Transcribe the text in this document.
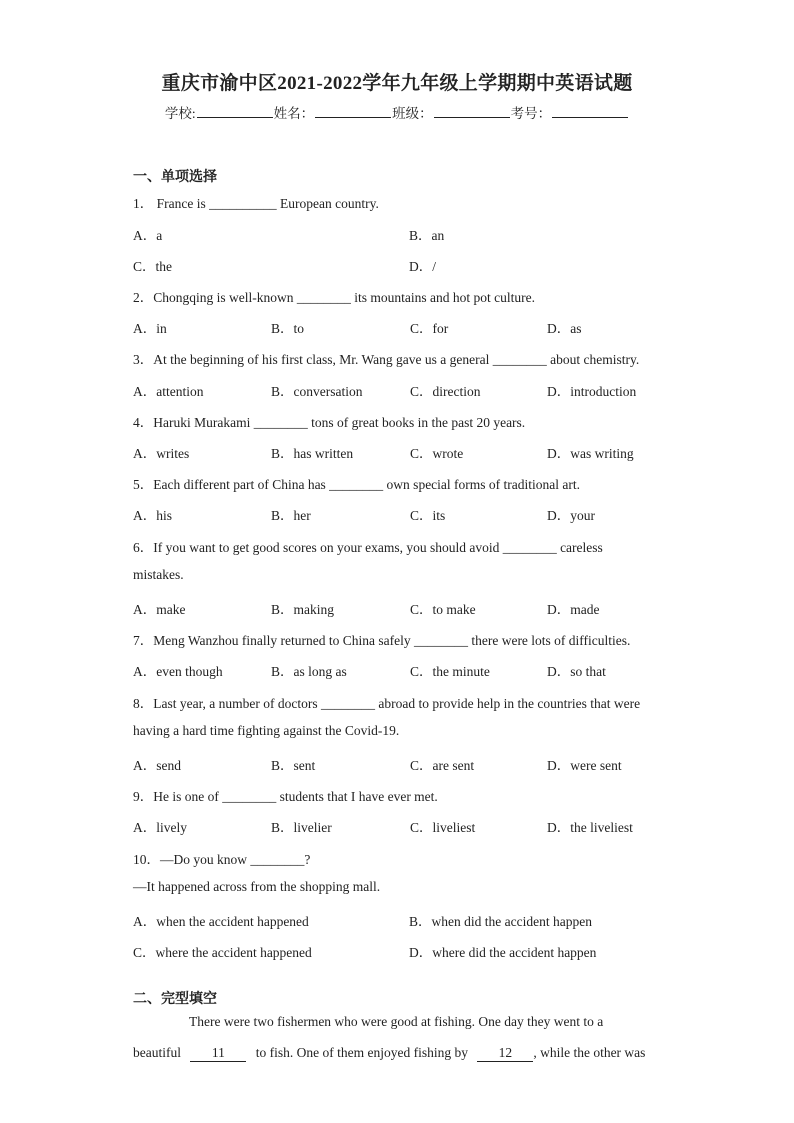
重庆市渝中区2021-2022学年九年级上学期期中英语试题
学校:	姓名：	班级：	考号：
一、单项选择
1． France is __________ European country.
A．a	B．an
C．the	D．/
2．Chongqing is well-known ________ its mountains and hot pot culture.
A．in	B．to	C．for	D．as
3．At the beginning of his first class, Mr. Wang gave us a general ________ about chemistry.
A．attention	B．conversation	C．direction	D．introduction
4．Haruki Murakami ________ tons of great books in the past 20 years.
A．writes	B．has written	C．wrote	D．was writing
5．Each different part of China has ________ own special forms of traditional art.
A．his	B．her	C．its	D．your
6．If you want to get good scores on your exams, you should avoid ________ careless
mistakes.
A．make	B．making	C．to make	D．made
7．Meng Wanzhou finally returned to China safely ________ there were lots of difficulties.
A．even though	B．as long as	C．the minute	D．so that
8．Last year, a number of doctors ________ abroad to provide help in the countries that were
having a hard time fighting against the Covid-19.
A．send	B．sent	C．are sent	D．were sent
9．He is one of ________ students that I have ever met.
A．lively	B．livelier	C．liveliest	D．the liveliest
10．—Do you know ________?
—It happened across from the shopping mall.
A．when the accident happened	B．when did the accident happen
C．where the accident happened	D．where did the accident happen
二、完型填空
There were two fishermen who were good at fishing. One day they went to a
beautiful 11 to fish. One of them enjoyed fishing by 12 , while the other was
